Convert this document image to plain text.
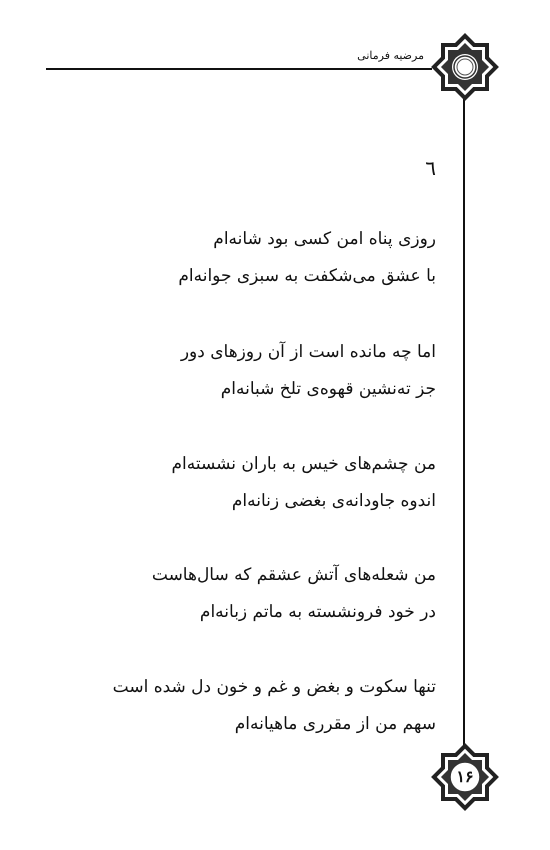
مرضیه فرمانی
١۶
٦
روزی پناه امن کسی بود شانه‌ام
با عشق می‌شکفت به سبزی جوانه‌ام
اما چه مانده است از آن روزهای دور
جز ته‌نشین قهوه‌ی تلخ شبانه‌ام
من چشم‌های خیس به باران نشسته‌ام
اندوه جاودانه‌ی بغضی زنانه‌ام
من شعله‌های آتش عشقم که سال‌هاست
در خود فرونشسته به ماتم زبانه‌ام
تنها سکوت و بغض و غم و خون دل شده است
سهم من از مقرری ماهیانه‌ام
